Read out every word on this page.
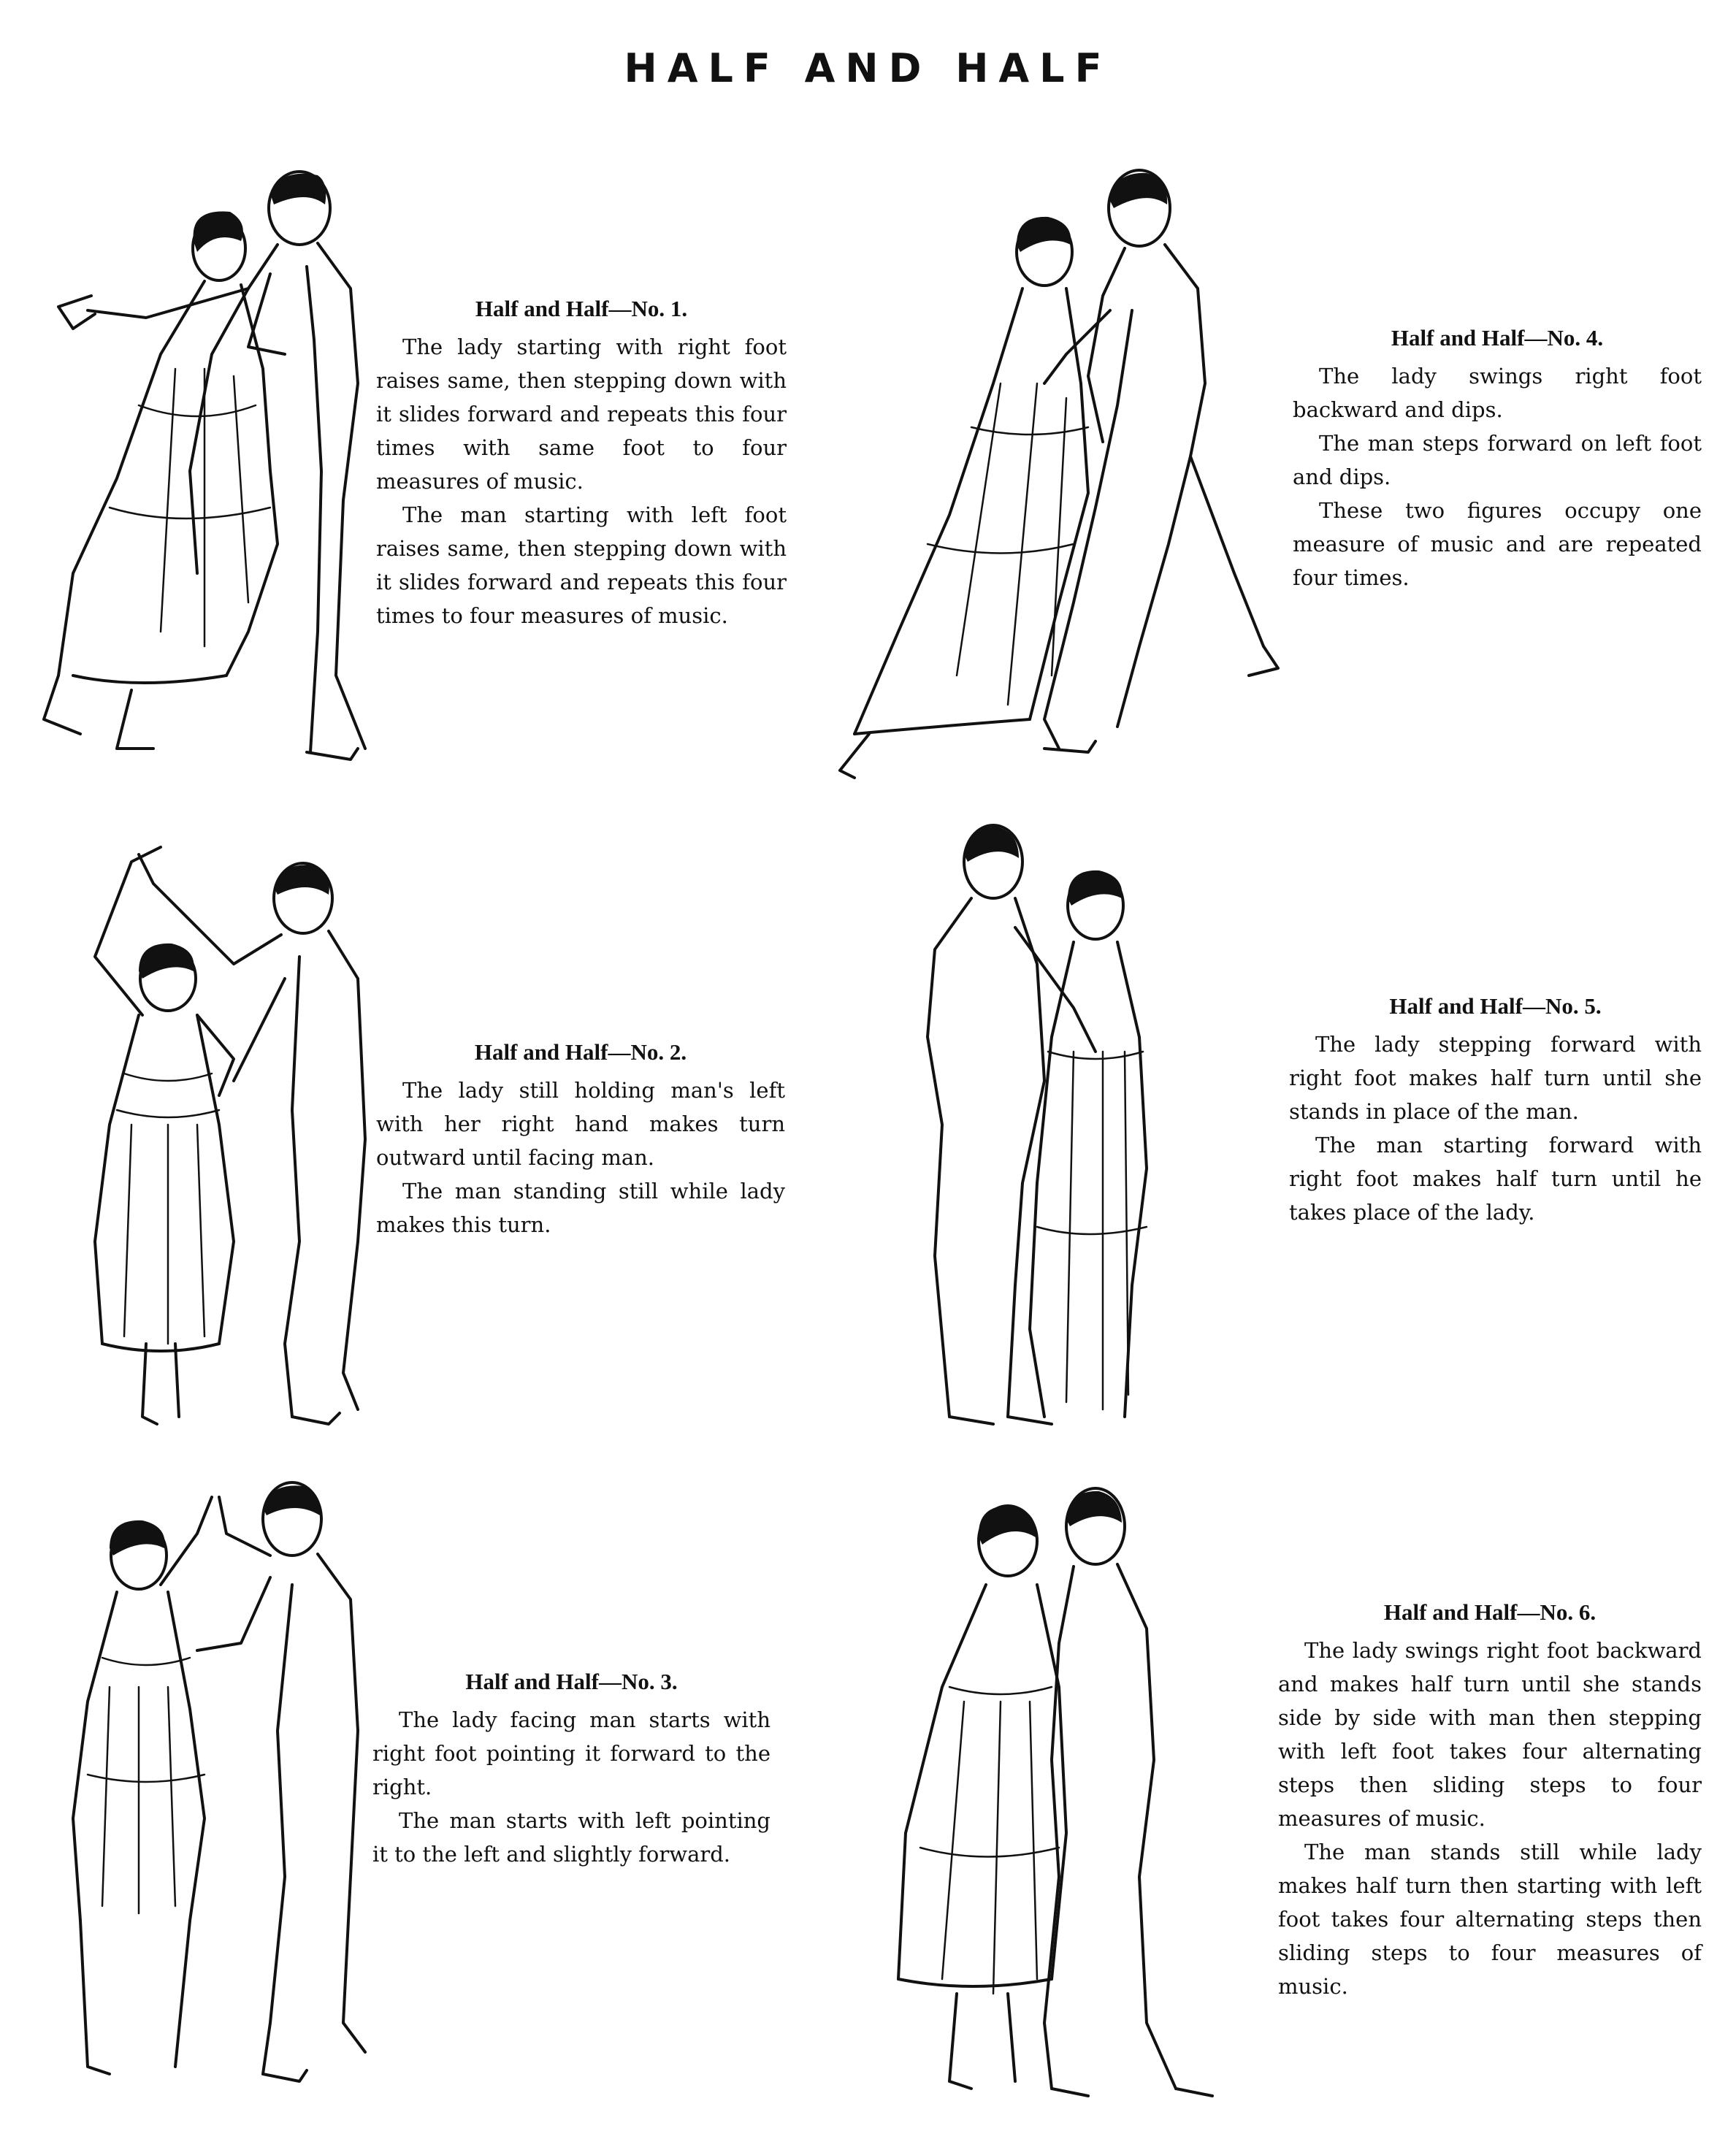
HALF AND HALF
Half and Half—No. 1.

The lady starting with right foot raises same, then stepping down with it slides forward and repeats this four times with same foot to four measures of music.

The man starting with left foot raises same, then stepping down with it slides forward and repeats this four times to four measures of music.

Half and Half—No. 2.

The lady still holding man's left with her right hand makes turn outward until facing man.

The man standing still while lady makes this turn.

Half and Half—No. 3.

The lady facing man starts with right foot pointing it forward to the right.

The man starts with left pointing it to the left and slightly forward.

Half and Half—No. 4.

The lady swings right foot backward and dips.

The man steps forward on left foot and dips.

These two figures occupy one measure of music and are repeated four times.

Half and Half—No. 5.

The lady stepping forward with right foot makes half turn until she stands in place of the man.

The man starting forward with right foot makes half turn until he takes place of the lady.

Half and Half—No. 6.

The lady swings right foot backward and makes half turn until she stands side by side with man then stepping with left foot takes four alternating steps then sliding steps to four measures of music.

The man stands still while lady makes half turn then starting with left foot takes four alternating steps then sliding steps to four measures of music.
